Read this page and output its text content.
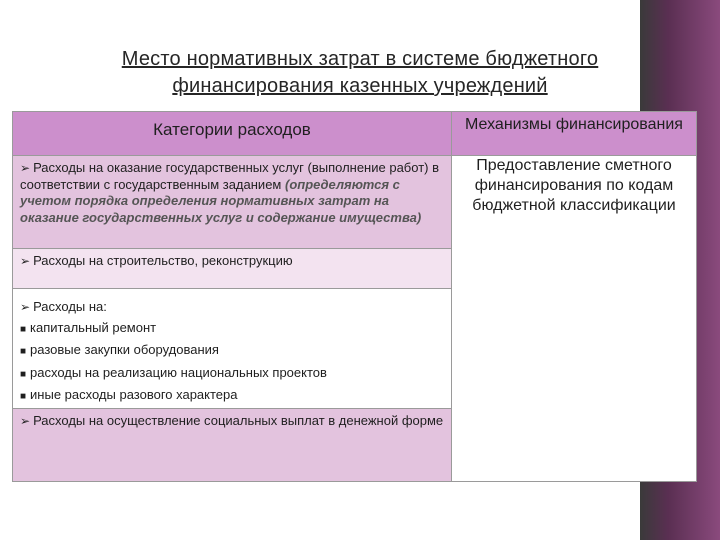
Место нормативных затрат в системе бюджетного
финансирования казенных учреждений
Категории расходов	Механизмы финансирования

➢ Расходы на оказание государственных услуг (выполнение работ) в соответствии с государственным заданием (определяются с учетом порядка определения нормативных затрат на оказание государственных услуг и содержание имущества)	Предоставление сметного финансирования по кодам бюджетной классификации

➢ Расходы на строительство, реконструкцию	

➢ Расходы на:
■ капитальный ремонт
■ разовые закупки оборудования
■ расходы на реализацию национальных проектов
■ иные расходы разового характера	

➢ Расходы на осуществление социальных выплат в денежной форме	
